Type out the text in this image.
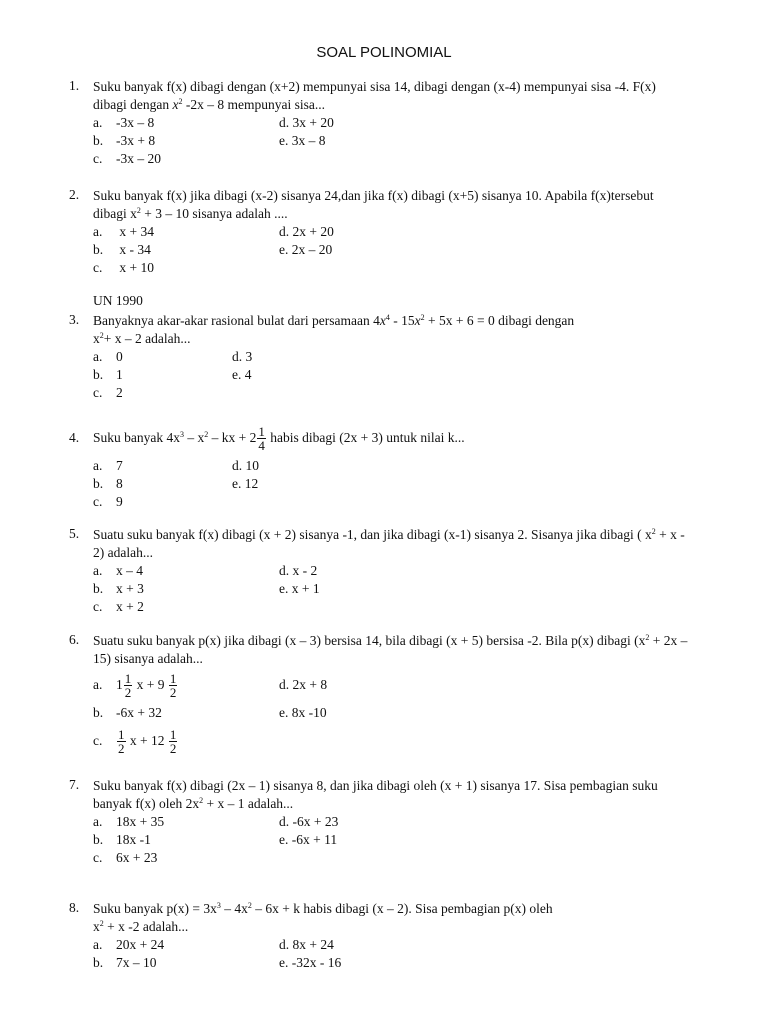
SOAL POLINOMIAL
1. Suku banyak f(x) dibagi dengan (x+2) mempunyai sisa 14, dibagi dengan (x-4) mempunyai sisa -4. F(x)
dibagi dengan $x^2$ -2x – 8 mempunyai sisa...
a. -3x – 8	d. 3x + 20
b. -3x + 8	e. 3x – 8
c. -3x – 20
2. Suku banyak f(x) jika dibagi (x-2) sisanya 24,dan jika f(x) dibagi (x+5) sisanya 10. Apabila f(x)tersebut
dibagi $x^2 + 3 - 10$ sisanya adalah ....
a. x + 34	d. 2x + 20
b. x - 34	e. 2x – 20
c. x + 10
UN 1990
3. Banyaknya akar-akar rasional bulat dari persamaan $4x^4 - 15x^2 + 5x + 6 = 0$ dibagi dengan
$x^2+ x - 2$ adalah...
a. 0	d. 3
b. 1	e. 4
c. 2
4. Suku banyak $4x^3 - x^2$ – kx + $2 \frac{1}{4}$ habis dibagi (2x + 3) untuk nilai k...
a. 7	d. 10
b. 8	e. 12
c. 9
5. Suatu suku banyak f(x) dibagi (x + 2) sisanya -1, dan jika dibagi (x-1) sisanya 2. Sisanya jika dibagi ( $x^2 + x$ -
2) adalah...
a. x – 4	d. x - 2
b. x + 3	e. x + 1
c. x + 2
6. Suatu suku banyak p(x) jika dibagi (x – 3) bersisa 14, bila dibagi (x + 5) bersisa -2. Bila p(x) dibagi ($x^2 + 2x$ –
15) sisanya adalah...
a. $1 \frac{1}{2}$ $x + 9 \frac{1}{2}$	d. 2x + 8
b. -6x + 32	e. 8x -10
c. $\frac{1}{2}$ $x + 12 \frac{1}{2}$
7. Suku banyak f(x) dibagi (2x – 1) sisanya 8, dan jika dibagi oleh (x + 1) sisanya 17. Sisa pembagian suku
banyak f(x) oleh $2x^2 + x - 1$ adalah...
a. 18x + 35	d. -6x + 23
b. 18x -1	e. -6x + 11
c. 6x + 23
8. Suku banyak $p(x) = 3x^3 - 4x^2 - 6x + k$ habis dibagi (x – 2). Sisa pembagian p(x) oleh
$x^2 + x$ -2 adalah...
a. 20x + 24	d. 8x + 24
b. 7x – 10	e. -32x - 16
